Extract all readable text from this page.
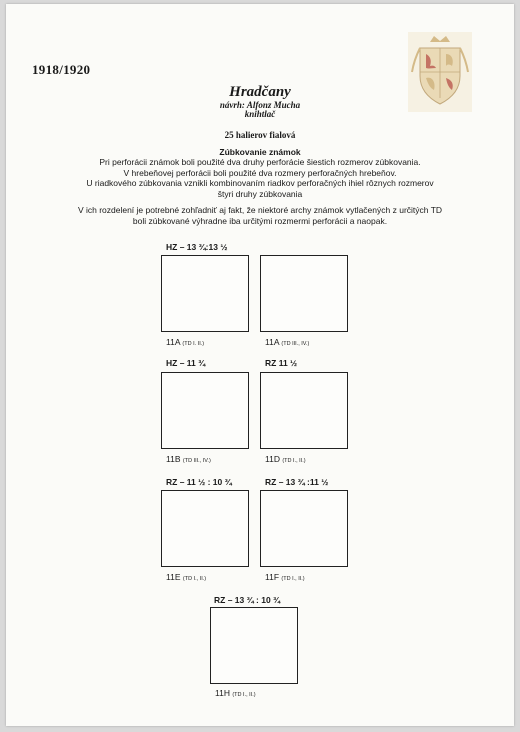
1918/1920
Hradčany
návrh: Alfonz Mucha
knihtlač
25 halierov fialová
Zúbkovanie známok
Pri perforácii známok boli použité dva druhy perforácie šiestich rozmerov zúbkovania.
V hrebeňovej perforácii boli použité dva rozmery perforačných hrebeňov.
U riadkového zúbkovania vznikli kombinovaním riadkov perforačných ihiel rôznych rozmerov
štyri druhy zúbkovania
V ich rozdelení je potrebné zohľadniť aj fakt, že niektoré archy známok vytlačených z určitých TD
boli zúbkované výhradne iba určitými rozmermi perforácii a naopak.
HZ – 13 ¾:13 ½
11A (TD I. II.)	11A (TD III., IV.)
HZ – 11 ¾	RZ 11 ½
11B (TD III., IV.)	11D (TD I., II.)
RZ – 11 ½ : 10 ¾	RZ – 13 ¾ :11 ½
11E (TD I., II.)	11F (TD I., II.)
RZ – 13 ¾ : 10 ¾
11H (TD I., II.)
